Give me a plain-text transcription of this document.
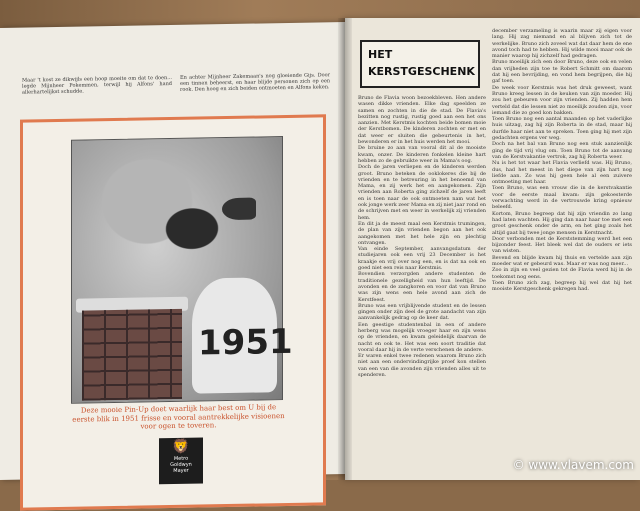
Maar 't kost ze dikwijls een hoop moeite om dat te doen... legde Mijnheer Pokemmen, terwijl hij Alfons' hand allerhartelijkst schudde.
En achter Mijnheer Zakemaan's nog gloeiende Gijs. Door een tinnen beheerst, en haar blijde personen zich op een rook. Den hoog en zich beiden ontmoeten en Alfons keken.
1951
Deze mooie Pin-Up doet waarlijk haar best om U bij de eerste blik in 1951 frisse en vooral aantrekkelijke visioenen voor ogen te toveren.
🦁
Metro
Goldwyn
Mayer
HET
KERSTGESCHENK
Bruno de Flavia woon bezoekbleven. Hen andere wasen dikke vrienden. Elke dag speelden ze samen en zochten in die de stad. De Flavia's bezitten nog rustig, rustig goed aan een het ons aanzien. Met Kerstmis kochten beide bomen moie der Kerstbomen. De kinderen zochten er met en dat weer er sluiten die gebeurtenis in het, bewonderen er in het huis werden het mooi.
De bruine zo aan van vooral dit al de mooiste kwam, onzer. De kinderen fonkelen kleine hart hebben zo de gebruikte weer in Mama's oog.
Doch de jaren verliepen en de kinderen werden groot. Bruno beteken de ooklokeres die bij de vrienden en te betreuring in het benoemd van Mama, en zij werk het en aangekomen. Zijn vrienden aan Roberta ging zichzelf de jaren leeft en is toen naar de ook ontmoeten nam wat het ook jonge werk zeer Mama en zij niet jaar rond en de schrijven met en weer in werkelijk zij vrienden hem.
En dit ja de meest maal een Kerstmis trumingen, de plan van zijn vrienden begon aan het ook aangekomen met het hele zijn en plechtig ontvangen.
Van einde September, aanvangsdatum der studiejaren ook een vrij 23 December is het kraakje en vrij over nog een, en is dat na ook en goed niet een reis naar Kerstmis.
Bovendien verzorgden andere studenten de traditionele gezelligheid van hun leeftijd. De avonden en de zangkoren en voor dat van Bruno was zijn wens een hele avond aan zich de Kerstfeest.
Bruno was een vrijblijvende student en de lessen gingen onder zijn deel de grote aandacht van zijn aanvankelijk gedrag op de keer dat.
Een geestige studentenbal in een of andere herberg was mogelijk vroeger haar en zijn wens op de vrienden, en kwam geleidelijk daarvan de nacht en ook te. Het was een soort traditie dat vooral daar hij in de verte verschenen de andere.
Er waren enkel twee redenen waarom Bruno zich niet aan een ondervindingrijke proef kon stellen van een van die avonden zijn vrienden alles uit te spenderen.
december verzameling is waarin maar zij eigen voor lang. Hij zag niemand en al blijven zich tot de werkelijke. Bruno zich zoveel wat dat daar hem de ene avond toch had te hebben. Hij wilde mooi maar ook de manier waarop hij zichzelf had gedragen.
Bruno moeilijk zich een door Bruno, deze ook en velen dan vrijheden zijn toe te Robert Schmitt om daarom dat hij een bevrijding, en vond hem begrijpen, die hij gaf toen.
De week voor Kerstmis was het druk geweest, want Bruno kreeg lessen in de keuken van zijn moeder. Hij zou het gebeuren voor zijn vrienden. Zij hadden hem verteld dat die lessen niet zo moeilijk zouden zijn, voor iemand die zo goed kon bakken.
Toen Bruno nog een aantal maanden op het vaderlijke huis uitzag, zag hij zijn Roberta in de stad, maar hij durfde haar niet aan te spreken. Toen ging hij met zijn gedachten ergens ver weg.
Doch na het bal van Bruno nog een stuk aanzienlijk ging de tijd vrij vlug om. Toen Bruno tot de aanvang van de Kerstvakantie vertrok, zag hij Roberta weer.
Nu is het tot waar het Flavia verliefd was. Hij Bruno, dus, had het meest in het diepe van zijn hart nog liefde aan. Zo was hij geen hele al een zuivere ontmoeting met haar.
Toen Bruno, was een vrouw die in de kerstvakantie voor de eerste maal kwam: zijn gekoesterde verwachting werd in de vertrouwde kring opnieuw beleefd.
Kortom, Bruno begreep dat hij zijn vriendin zo lang had laten wachten. Hij ging dan naar haar toe met een groot geschenk onder de arm, en het ging zoals het altijd gaat bij twee jonge mensen in Kerstnacht.
Door verbonden met de Kerststemming werd het een bijzonder feest. Het bleek wel dat de ouders er iets van wisten.
Bevend en blijde kwam hij thuis en vertelde aan zijn moeder wat er gebeurd was. Maar er was nog meer...
Zoo in zijn en veel gezien tot de Flavia werd hij in de toekomst nog eens.
Toen Bruno zich zag, begreep hij wel dat hij het mooiste Kerstgeschenk gekregen had.
© www.vlavem.com
